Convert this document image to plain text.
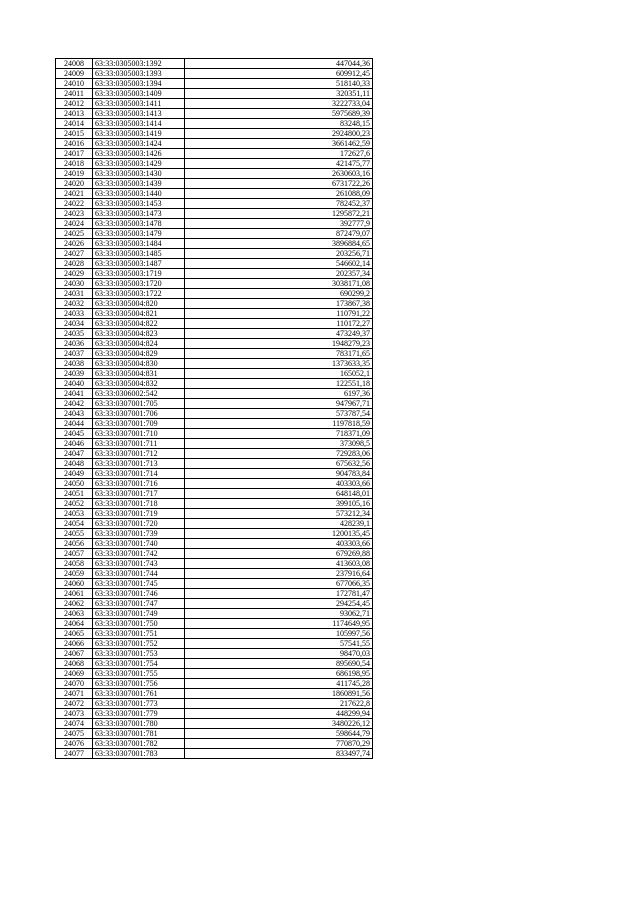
24008	63:33:0305003:1392	447044,36
24009	63:33:0305003:1393	609912,45
24010	63:33:0305003:1394	518140,33
24011	63:33:0305003:1409	320351,11
24012	63:33:0305003:1411	3222733,04
24013	63:33:0305003:1413	5975689,39
24014	63:33:0305003:1414	83248,15
24015	63:33:0305003:1419	2924800,23
24016	63:33:0305003:1424	3661462,59
24017	63:33:0305003:1426	172627,6
24018	63:33:0305003:1429	421475,77
24019	63:33:0305003:1430	2630603,16
24020	63:33:0305003:1439	6731722,26
24021	63:33:0305003:1440	261088,09
24022	63:33:0305003:1453	782452,37
24023	63:33:0305003:1473	1295872,21
24024	63:33:0305003:1478	392777,9
24025	63:33:0305003:1479	872479,07
24026	63:33:0305003:1484	3896884,65
24027	63:33:0305003:1485	203256,71
24028	63:33:0305003:1487	546602,14
24029	63:33:0305003:1719	202357,34
24030	63:33:0305003:1720	3038171,08
24031	63:33:0305003:1722	690299,2
24032	63:33:0305004:820	173867,38
24033	63:33:0305004:821	110791,22
24034	63:33:0305004:822	110172,27
24035	63:33:0305004:823	473249,37
24036	63:33:0305004:824	1948279,23
24037	63:33:0305004:829	783171,65
24038	63:33:0305004:830	1373633,35
24039	63:33:0305004:831	165052,1
24040	63:33:0305004:832	122551,18
24041	63:33:0306002:542	6197,36
24042	63:33:0307001:705	947967,71
24043	63:33:0307001:706	573787,54
24044	63:33:0307001:709	1197818,59
24045	63:33:0307001:710	718371,09
24046	63:33:0307001:711	373098,5
24047	63:33:0307001:712	729283,06
24048	63:33:0307001:713	675632,56
24049	63:33:0307001:714	904783,84
24050	63:33:0307001:716	403303,66
24051	63:33:0307001:717	648148,01
24052	63:33:0307001:718	399105,16
24053	63:33:0307001:719	573212,34
24054	63:33:0307001:720	428239,1
24055	63:33:0307001:739	1200135,45
24056	63:33:0307001:740	403303,66
24057	63:33:0307001:742	679269,88
24058	63:33:0307001:743	413603,08
24059	63:33:0307001:744	237916,64
24060	63:33:0307001:745	677066,35
24061	63:33:0307001:746	172781,47
24062	63:33:0307001:747	294254,45
24063	63:33:0307001:749	93062,71
24064	63:33:0307001:750	1174649,95
24065	63:33:0307001:751	105997,56
24066	63:33:0307001:752	57541,55
24067	63:33:0307001:753	98470,03
24068	63:33:0307001:754	895690,54
24069	63:33:0307001:755	686198,95
24070	63:33:0307001:756	411745,28
24071	63:33:0307001:761	1860891,56
24072	63:33:0307001:773	217622,8
24073	63:33:0307001:779	448299,94
24074	63:33:0307001:780	3480226,12
24075	63:33:0307001:781	598644,79
24076	63:33:0307001:782	770870,29
24077	63:33:0307001:783	833497,74
